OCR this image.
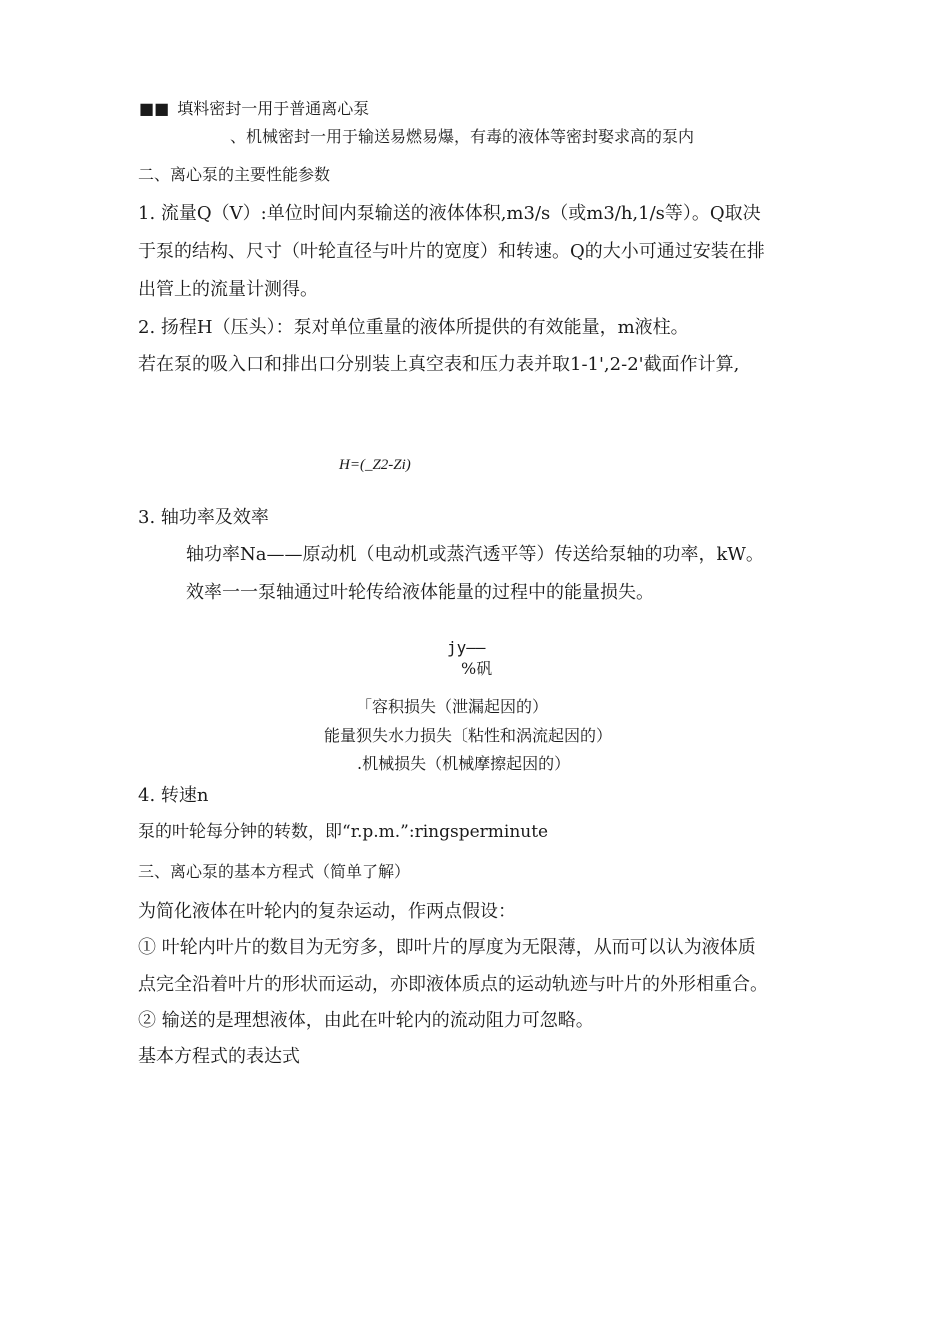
■■ 填料密封一用于普通离心泵
、机械密封一用于输送易燃易爆，有毒的液体等密封娶求高的泵内
二、离心泵的主要性能参数
1. 流量Q（V）:单位时间内泵输送的液体体积,m3/s（或m3/h,1/s等）。Q取决
于泵的结构、尺寸（叶轮直径与叶片的宽度）和转速。Q的大小可通过安装在排
出管上的流量计测得。
2. 扬程H（压头）：泵对单位重量的液体所提供的有效能量，m液柱。
若在泵的吸入口和排出口分别装上真空表和压力表并取1-1',2-2'截面作计算,
H=(_Z2-Zi)
3. 轴功率及效率
轴功率Na——原动机（电动机或蒸汽透平等）传送给泵轴的功率，kW。
效率一一泵轴通过叶轮传给液体能量的过程中的能量损失。
jy——
%矾
「容积损失（泄漏起因的）
能量狈失水力损失〔粘性和涡流起因的）
.机械损失（机械摩擦起因的）
4. 转速n
泵的叶轮每分钟的转数，即“r.p.m.”:ringsperminute
三、离心泵的基本方程式（简单了解）
为简化液体在叶轮内的复杂运动，作两点假设：
① 叶轮内叶片的数目为无穷多，即叶片的厚度为无限薄，从而可以认为液体质
点完全沿着叶片的形状而运动，亦即液体质点的运动轨迹与叶片的外形相重合。
② 输送的是理想液体，由此在叶轮内的流动阻力可忽略。
基本方程式的表达式
